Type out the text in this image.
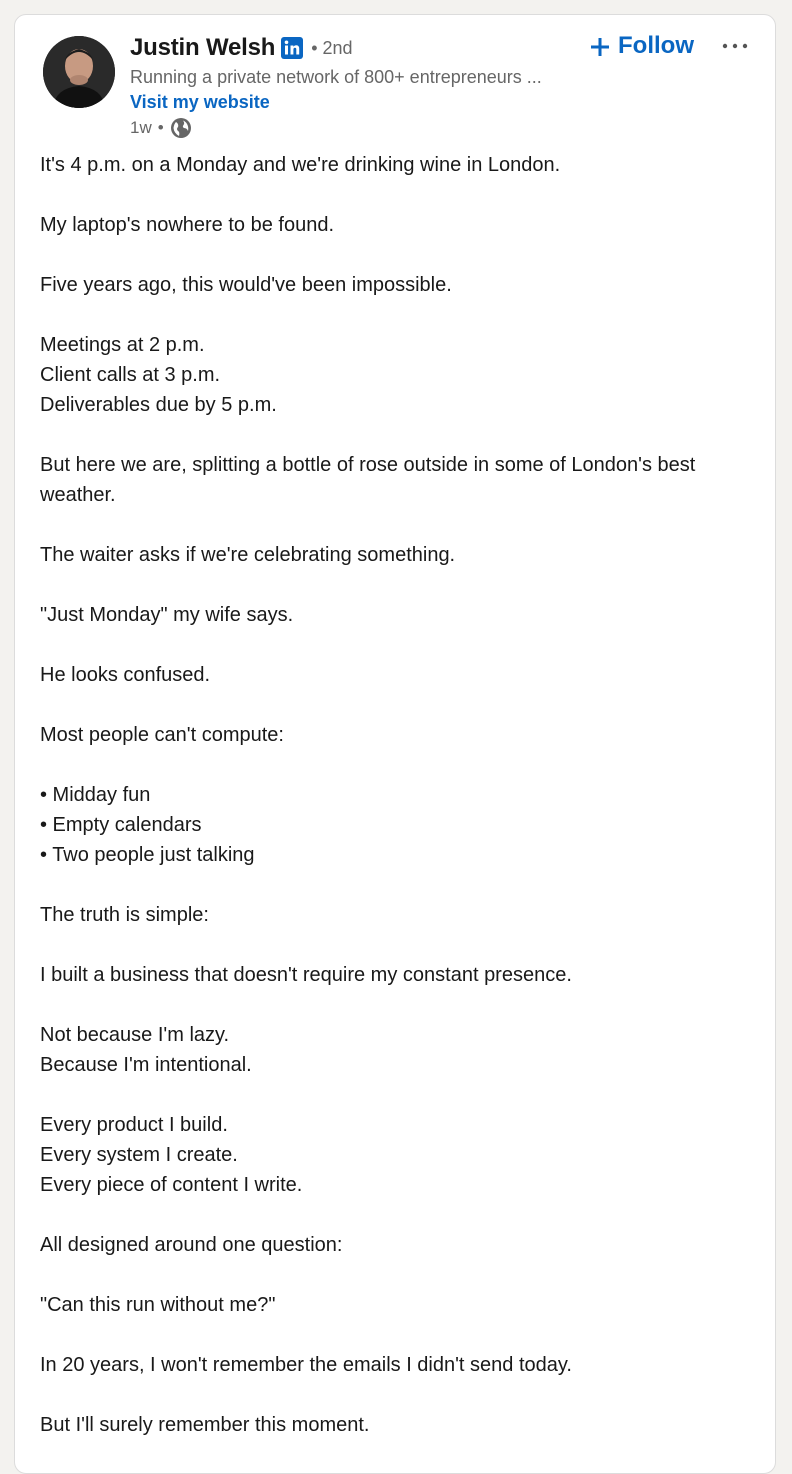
Justin Welsh • 2nd
Running a private network of 800+ entrepreneurs ...
Visit my website
1w •
Follow

It's 4 p.m. on a Monday and we're drinking wine in London.

My laptop's nowhere to be found.

Five years ago, this would've been impossible.

Meetings at 2 p.m.
Client calls at 3 p.m.
Deliverables due by 5 p.m.

But here we are, splitting a bottle of rose outside in some of London's best weather.

The waiter asks if we're celebrating something.

"Just Monday" my wife says.

He looks confused.

Most people can't compute:

• Midday fun
• Empty calendars
• Two people just talking

The truth is simple:

I built a business that doesn't require my constant presence.

Not because I'm lazy.
Because I'm intentional.

Every product I build.
Every system I create.
Every piece of content I write.

All designed around one question:

"Can this run without me?"

In 20 years, I won't remember the emails I didn't send today.

But I'll surely remember this moment.
